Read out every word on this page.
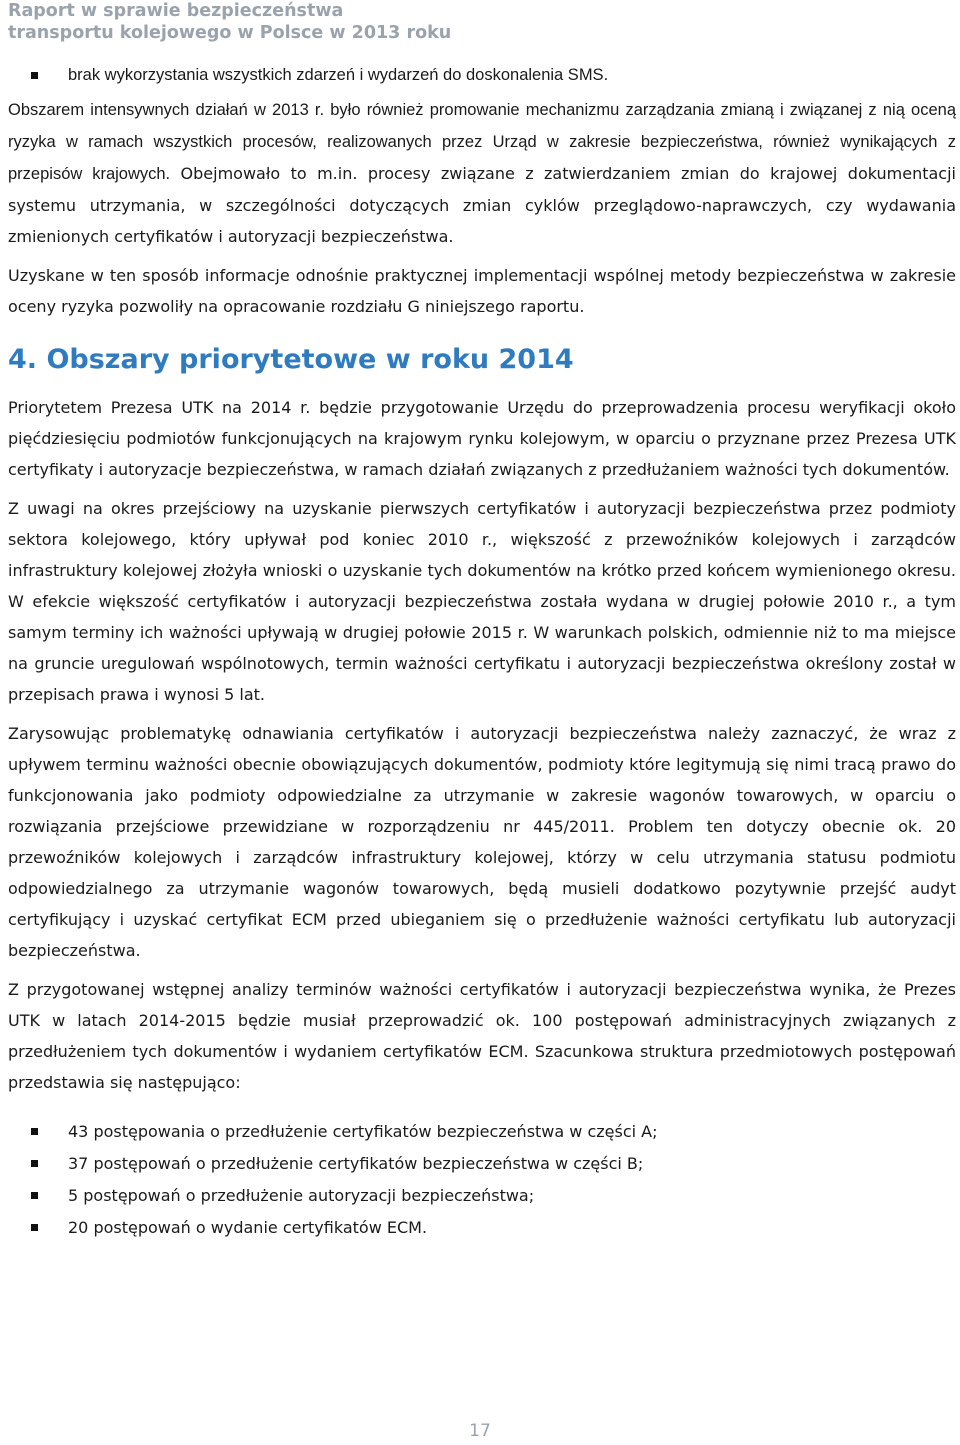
Raport w sprawie bezpieczeństwa
transportu kolejowego w Polsce w 2013 roku
brak wykorzystania wszystkich zdarzeń i wydarzeń do doskonalenia SMS.

Obszarem intensywnych działań w 2013 r. było również promowanie mechanizmu zarządzania zmianą i związanej z nią oceną ryzyka w ramach wszystkich procesów, realizowanych przez Urząd w zakresie bezpieczeństwa, również wynikających z przepisów krajowych. Obejmowało to m.in. procesy związane z zatwierdzaniem zmian do krajowej dokumentacji systemu utrzymania, w szczególności dotyczących zmian cyklów przeglądowo-naprawczych, czy wydawania zmienionych certyfikatów i autoryzacji bezpieczeństwa.

Uzyskane w ten sposób informacje odnośnie praktycznej implementacji wspólnej metody bezpieczeństwa w zakresie oceny ryzyka pozwoliły na opracowanie rozdziału G niniejszego raportu.

4. Obszary priorytetowe w roku 2014

Priorytetem Prezesa UTK na 2014 r. będzie przygotowanie Urzędu do przeprowadzenia procesu weryfikacji około pięćdziesięciu podmiotów funkcjonujących na krajowym rynku kolejowym, w oparciu o przyznane przez Prezesa UTK certyfikaty i autoryzacje bezpieczeństwa, w ramach działań związanych z przedłużaniem ważności tych dokumentów.

Z uwagi na okres przejściowy na uzyskanie pierwszych certyfikatów i autoryzacji bezpieczeństwa przez podmioty sektora kolejowego, który upływał pod koniec 2010 r., większość z przewoźników kolejowych i zarządców infrastruktury kolejowej złożyła wnioski o uzyskanie tych dokumentów na krótko przed końcem wymienionego okresu. W efekcie większość certyfikatów i autoryzacji bezpieczeństwa została wydana w drugiej połowie 2010 r., a tym samym terminy ich ważności upływają w drugiej połowie 2015 r. W warunkach polskich, odmiennie niż to ma miejsce na gruncie uregulowań wspólnotowych, termin ważności certyfikatu i autoryzacji bezpieczeństwa określony został w przepisach prawa i wynosi 5 lat.

Zarysowując problematykę odnawiania certyfikatów i autoryzacji bezpieczeństwa należy zaznaczyć, że wraz z upływem terminu ważności obecnie obowiązujących dokumentów, podmioty które legitymują się nimi tracą prawo do funkcjonowania jako podmioty odpowiedzialne za utrzymanie w zakresie wagonów towarowych, w oparciu o rozwiązania przejściowe przewidziane w rozporządzeniu nr 445/2011. Problem ten dotyczy obecnie ok. 20 przewoźników kolejowych i zarządców infrastruktury kolejowej, którzy w celu utrzymania statusu podmiotu odpowiedzialnego za utrzymanie wagonów towarowych, będą musieli dodatkowo pozytywnie przejść audyt certyfikujący i uzyskać certyfikat ECM przed ubieganiem się o przedłużenie ważności certyfikatu lub autoryzacji bezpieczeństwa.

Z przygotowanej wstępnej analizy terminów ważności certyfikatów i autoryzacji bezpieczeństwa wynika, że Prezes UTK w latach 2014-2015 będzie musiał przeprowadzić ok. 100 postępowań administracyjnych związanych z przedłużeniem tych dokumentów i wydaniem certyfikatów ECM. Szacunkowa struktura przedmiotowych postępowań przedstawia się następująco:

43 postępowania o przedłużenie certyfikatów bezpieczeństwa w części A;
37 postępowań o przedłużenie certyfikatów bezpieczeństwa w części B;
5 postępowań o przedłużenie autoryzacji bezpieczeństwa;
20 postępowań o wydanie certyfikatów ECM.
17
